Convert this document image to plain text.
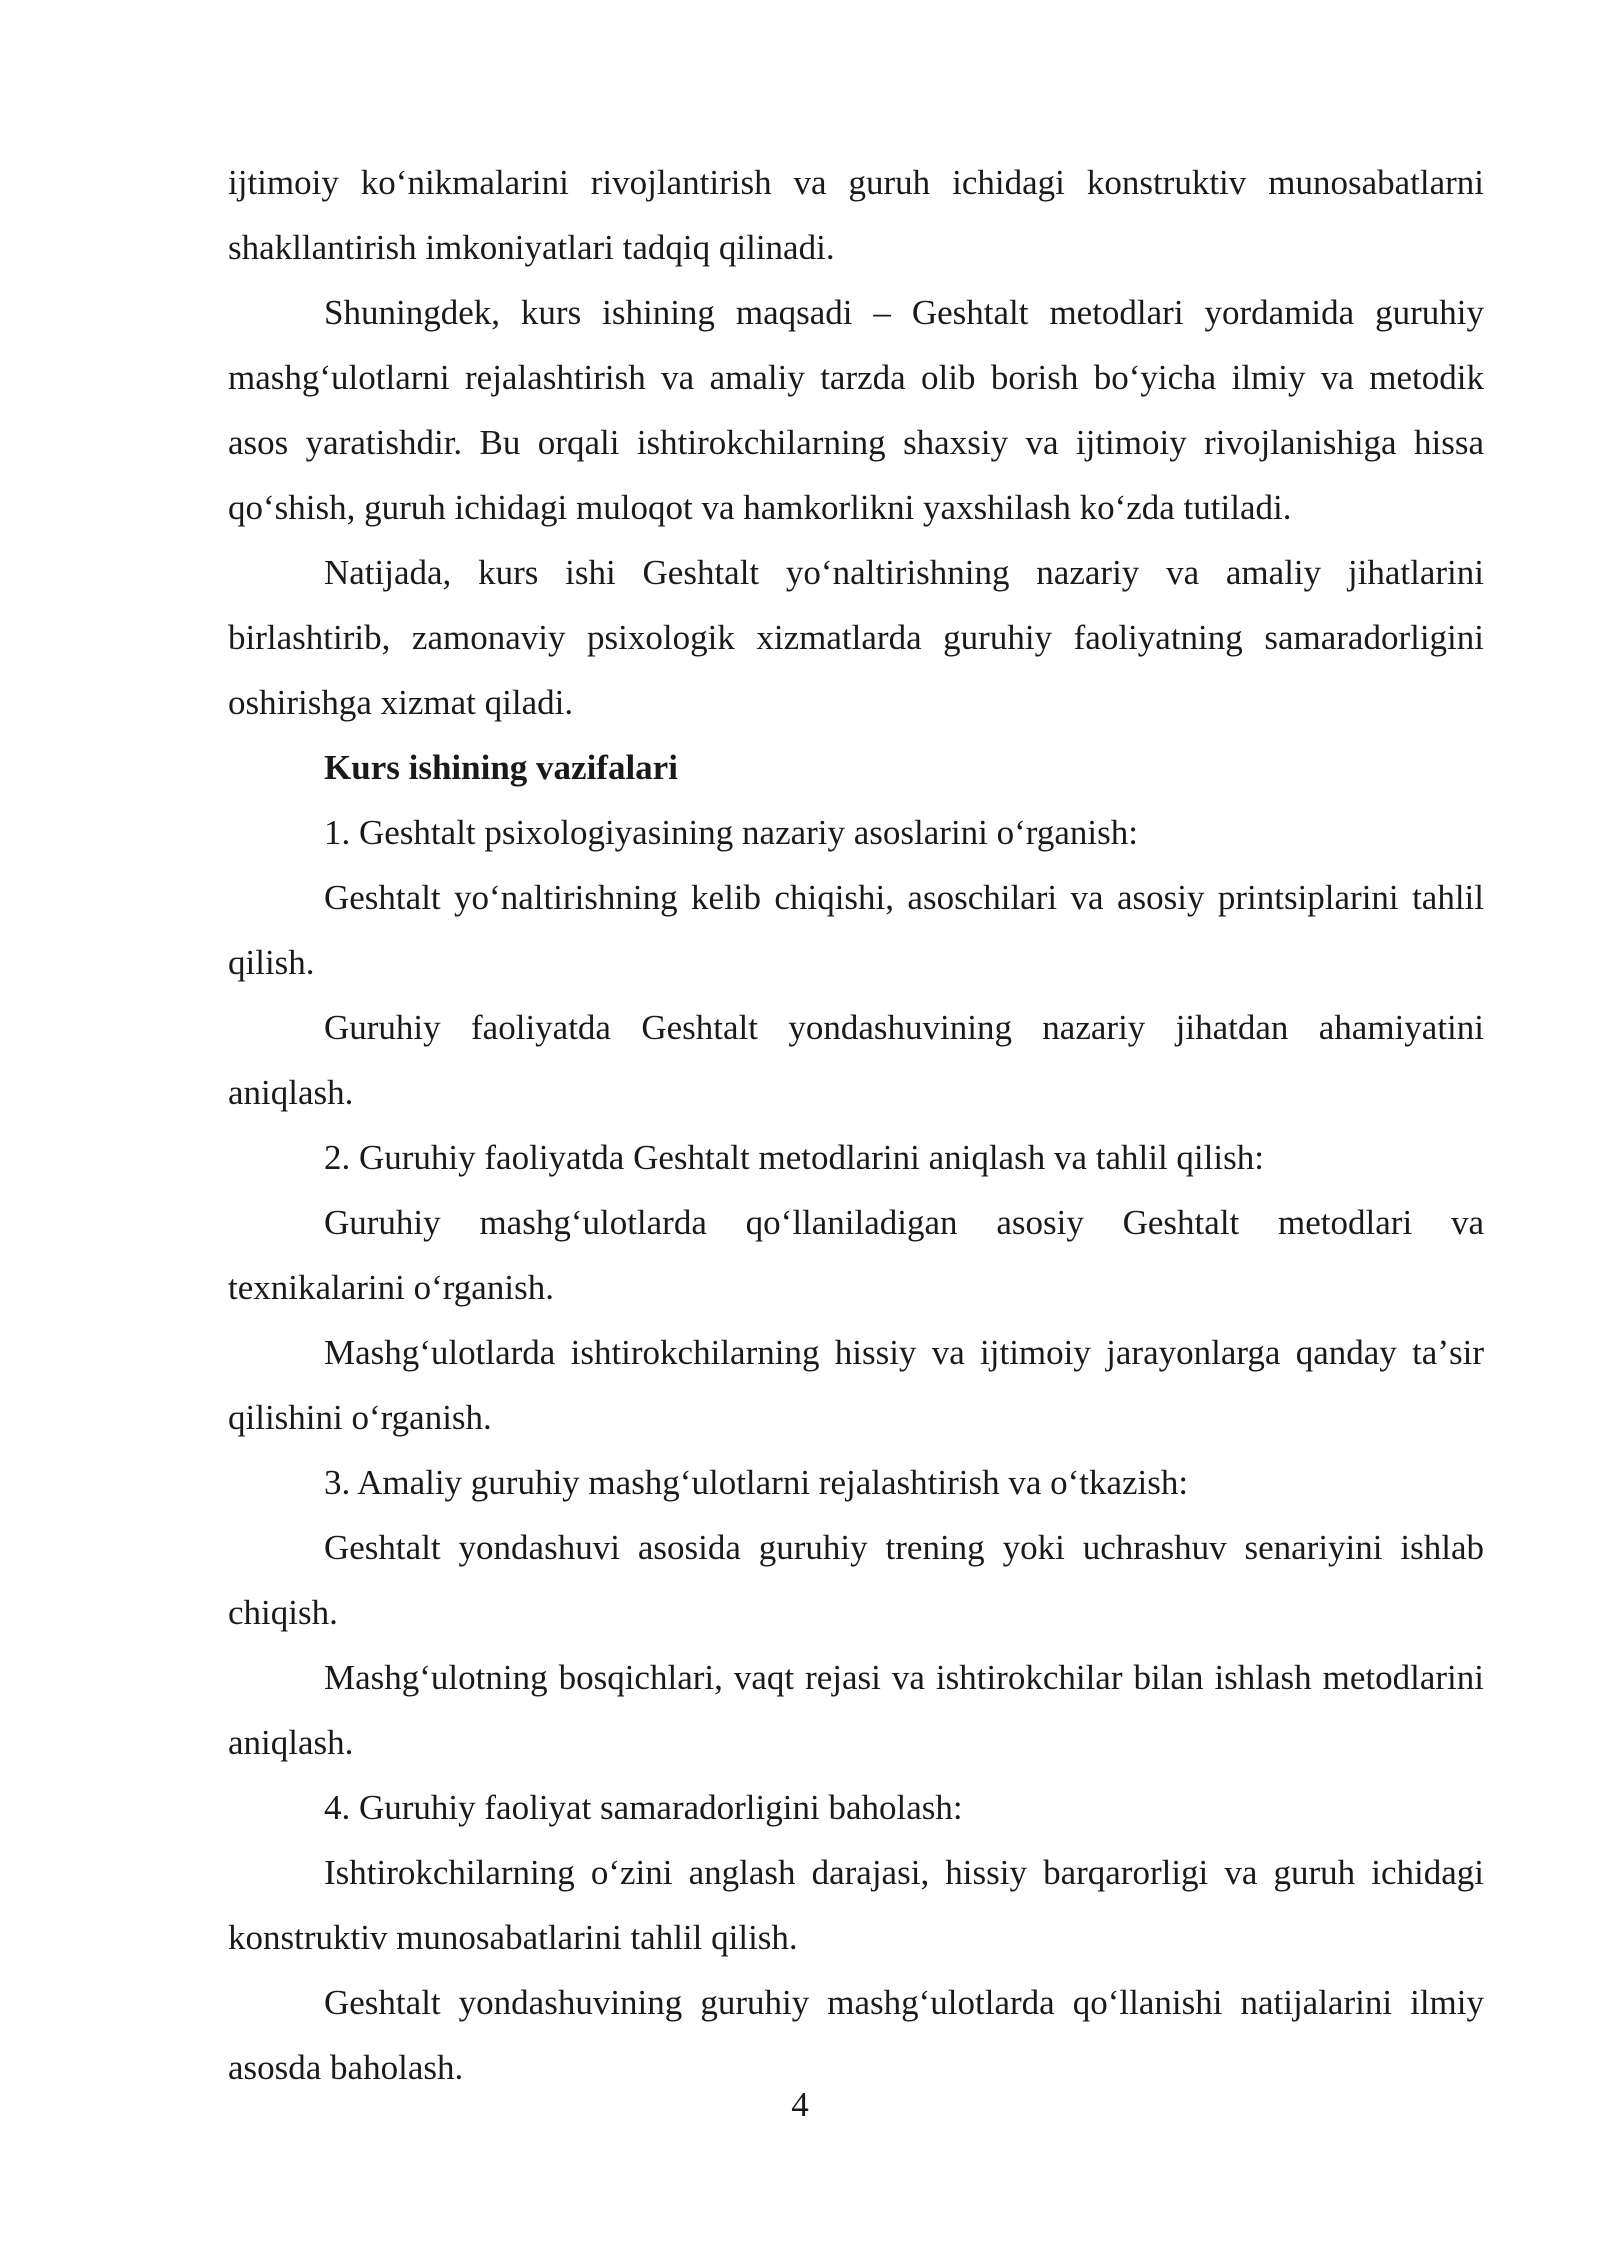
ijtimoiy koʻnikmalarini rivojlantirish va guruh ichidagi konstruktiv munosabatlarni shakllantirish imkoniyatlari tadqiq qilinadi.

Shuningdek, kurs ishining maqsadi – Geshtalt metodlari yordamida guruhiy mashgʻulotlarni rejalashtirish va amaliy tarzda olib borish boʻyicha ilmiy va metodik asos yaratishdir. Bu orqali ishtirokchilarning shaxsiy va ijtimoiy rivojlanishiga hissa qoʻshish, guruh ichidagi muloqot va hamkorlikni yaxshilash koʻzda tutiladi.

Natijada, kurs ishi Geshtalt yoʻnaltirishning nazariy va amaliy jihatlarini birlashtirib, zamonaviy psixologik xizmatlarda guruhiy faoliyatning samaradorligini oshirishga xizmat qiladi.

Kurs ishining vazifalari

1. Geshtalt psixologiyasining nazariy asoslarini oʻrganish:

Geshtalt yoʻnaltirishning kelib chiqishi, asoschilari va asosiy printsiplarini tahlil qilish.

Guruhiy faoliyatda Geshtalt yondashuvining nazariy jihatdan ahamiyatini aniqlash.

2. Guruhiy faoliyatda Geshtalt metodlarini aniqlash va tahlil qilish:

Guruhiy mashgʻulotlarda qoʻllaniladigan asosiy Geshtalt metodlari va texnikalarini oʻrganish.

Mashgʻulotlarda ishtirokchilarning hissiy va ijtimoiy jarayonlarga qanday taʼsir qilishini oʻrganish.

3. Amaliy guruhiy mashgʻulotlarni rejalashtirish va oʻtkazish:

Geshtalt yondashuvi asosida guruhiy trening yoki uchrashuv senariyini ishlab chiqish.

Mashgʻulotning bosqichlari, vaqt rejasi va ishtirokchilar bilan ishlash metodlarini aniqlash.

4. Guruhiy faoliyat samaradorligini baholash:

Ishtirokchilarning oʻzini anglash darajasi, hissiy barqarorligi va guruh ichidagi konstruktiv munosabatlarini tahlil qilish.

Geshtalt yondashuvining guruhiy mashgʻulotlarda qoʻllanishi natijalarini ilmiy asosda baholash.

4
